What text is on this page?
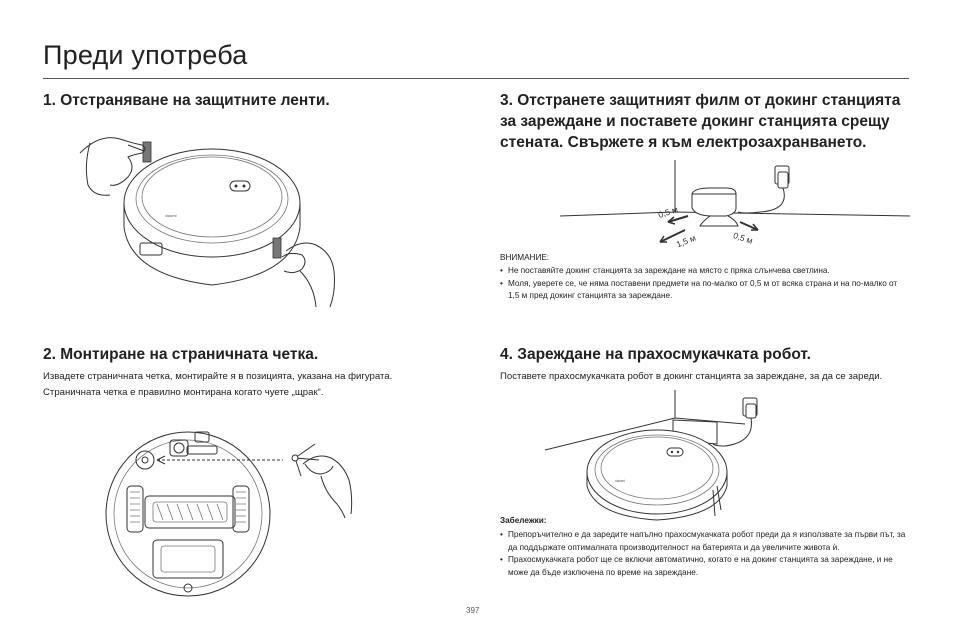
Преди употреба
1. Отстраняване на защитните ленти.
xiaomi
2. Монтиране на страничната четка.
Извадете страничната четка, монтирайте я в позицията, указана на фигурата. Страничната четка е правилно монтирана когато чуете „щрак“.
3. Отстранете защитният филм от докинг станцията за зареждане и поставете докинг станцията срещу стената. Свържете я към електрозахранването.
0,5 м
1,5 м	0,5 м
ВНИМАНИЕ:
• Не поставяйте докинг станцията за зареждане на място с пряка слънчева светлина.
• Моля, уверете се, че няма поставени предмети на по-малко от 0,5 м от всяка страна и на по-малко от 1,5 м пред докинг станцията за зареждане.
4. Зареждане на прахосмукачката робот.
Поставете прахосмукачката робот в докинг станцията за зареждане, за да се зареди.
xiaomi
Забележки:
• Препоръчително е да заредите напълно прахосмукачката робот преди да я използвате за първи път, за да поддържате оптималната производителност на батерията и да увеличите живота ѝ.
• Прахосмукачката робот ще се включи автоматично, когато е на докинг станцията за зареждане, и не може да бъде изключена по време на зареждане.
397
